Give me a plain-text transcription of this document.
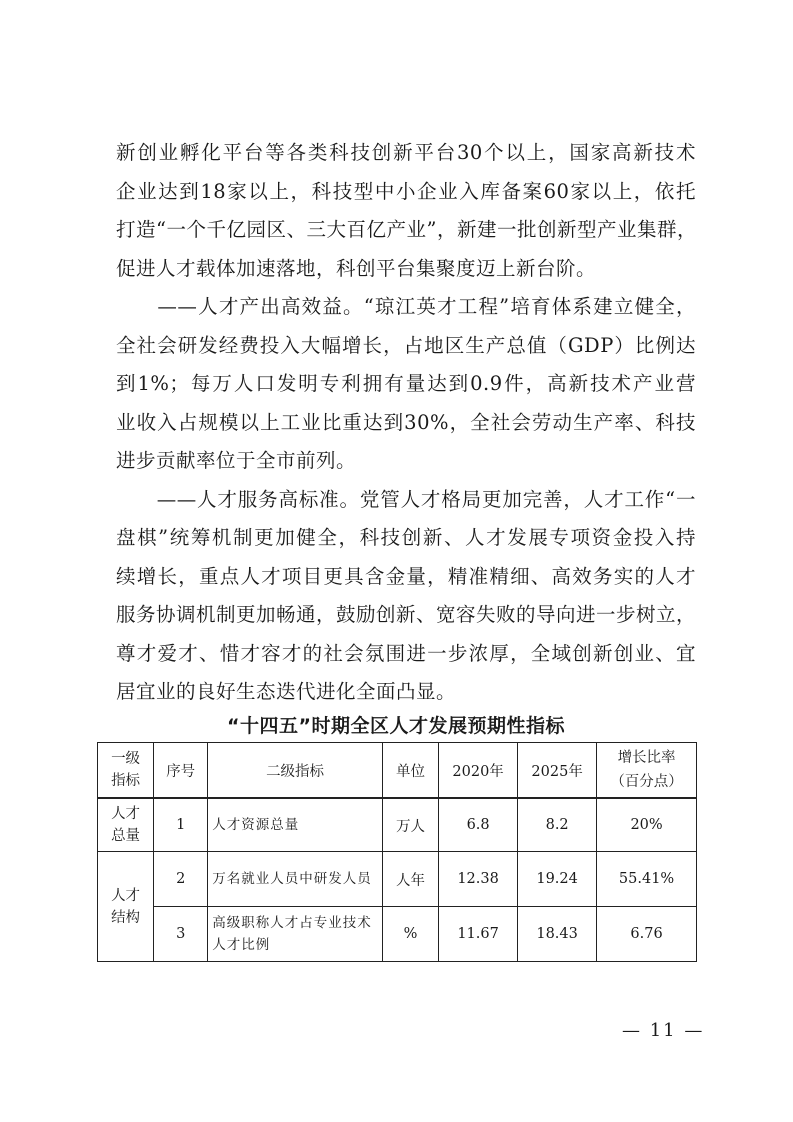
新创业孵化平台等各类科技创新平台30个以上，国家高新技术
企业达到18家以上，科技型中小企业入库备案60家以上，依托
打造“一个千亿园区、三大百亿产业”，新建一批创新型产业集群，
促进人才载体加速落地，科创平台集聚度迈上新台阶。
　　——人才产出高效益。“琼江英才工程”培育体系建立健全，
全社会研发经费投入大幅增长，占地区生产总值（GDP）比例达
到1%；每万人口发明专利拥有量达到0.9件，高新技术产业营
业收入占规模以上工业比重达到30%，全社会劳动生产率、科技
进步贡献率位于全市前列。
　　——人才服务高标准。党管人才格局更加完善，人才工作“一
盘棋”统筹机制更加健全，科技创新、人才发展专项资金投入持
续增长，重点人才项目更具含金量，精准精细、高效务实的人才
服务协调机制更加畅通，鼓励创新、宽容失败的导向进一步树立，
尊才爱才、惜才容才的社会氛围进一步浓厚，全域创新创业、宜
居宜业的良好生态迭代进化全面凸显。
“十四五”时期全区人才发展预期性指标
一级指标	序号	二级指标	单位	2020年	2025年	增长比率（百分点）
人才总量	1	人才资源总量	万人	6.8	8.2	20%
人才结构	2	万名就业人员中研发人员	人年	12.38	19.24	55.41%
	3	高级职称人才占专业技术人才比例	%	11.67	18.43	6.76
— 11 —
